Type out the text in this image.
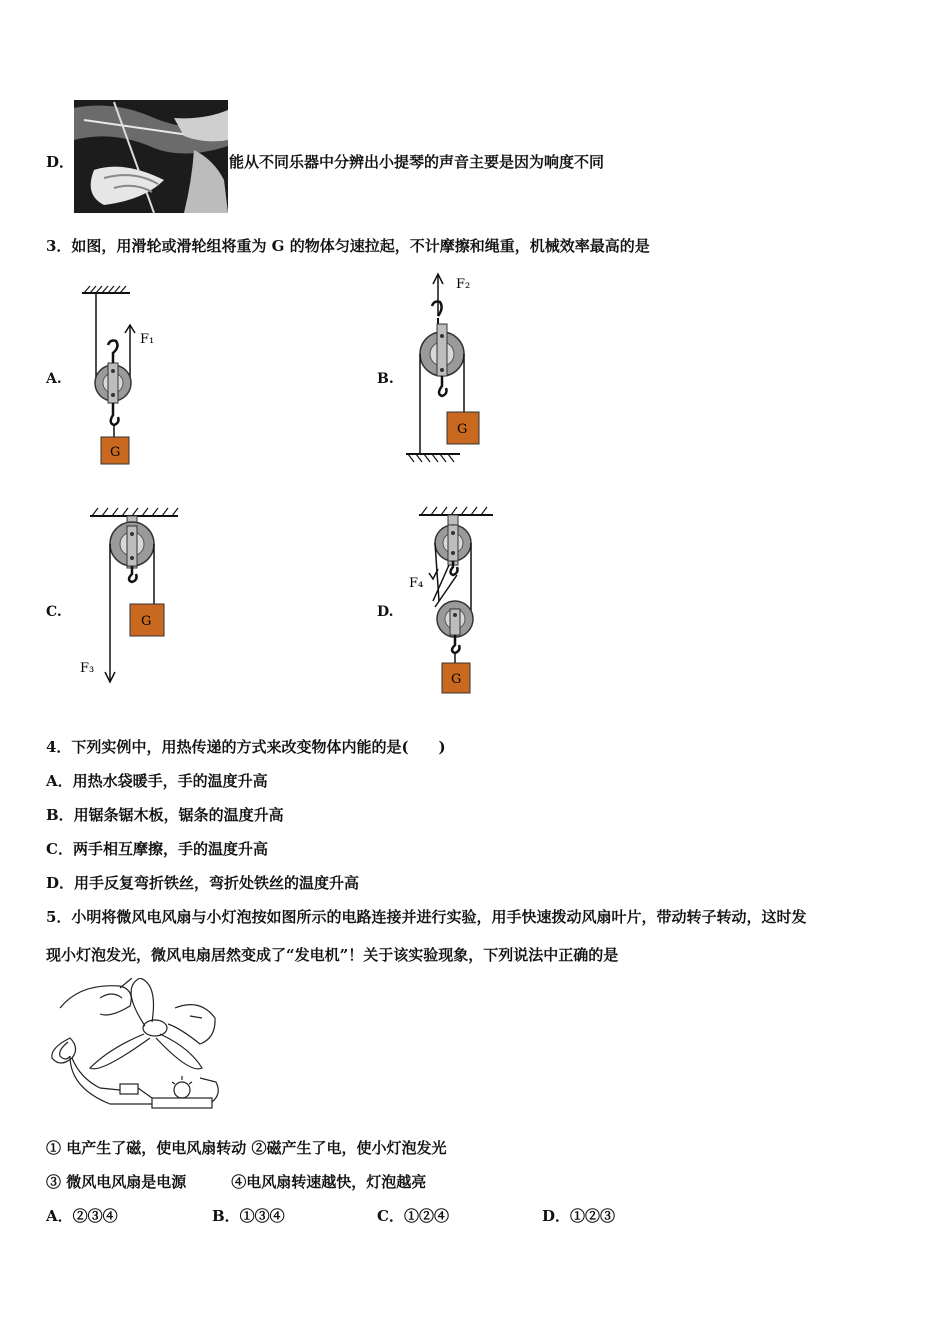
D．	能从不同乐器中分辨出小提琴的声音主要是因为响度不同
3．如图，用滑轮或滑轮组将重为 G 的物体匀速拉起，不计摩擦和绳重，机械效率最高的是
A.
F₁
G
B.
F₂
G
C.
F₃
G
D.
F₄
G
4．下列实例中，用热传递的方式来改变物体内能的是(　　)
A．用热水袋暖手，手的温度升高
B．用锯条锯木板，锯条的温度升高
C．两手相互摩擦，手的温度升高
D．用手反复弯折铁丝，弯折处铁丝的温度升高
5．小明将微风电风扇与小灯泡按如图所示的电路连接并进行实验，用手快速拨动风扇叶片，带动转子转动，这时发
现小灯泡发光，微风电扇居然变成了“发电机”！关于该实验现象，下列说法中正确的是
① 电产生了磁，使电风扇转动 ②磁产生了电，使小灯泡发光
③ 微风电风扇是电源　　　④电风扇转速越快，灯泡越亮
A．②③④	B．①③④	C．①②④	D．①②③
